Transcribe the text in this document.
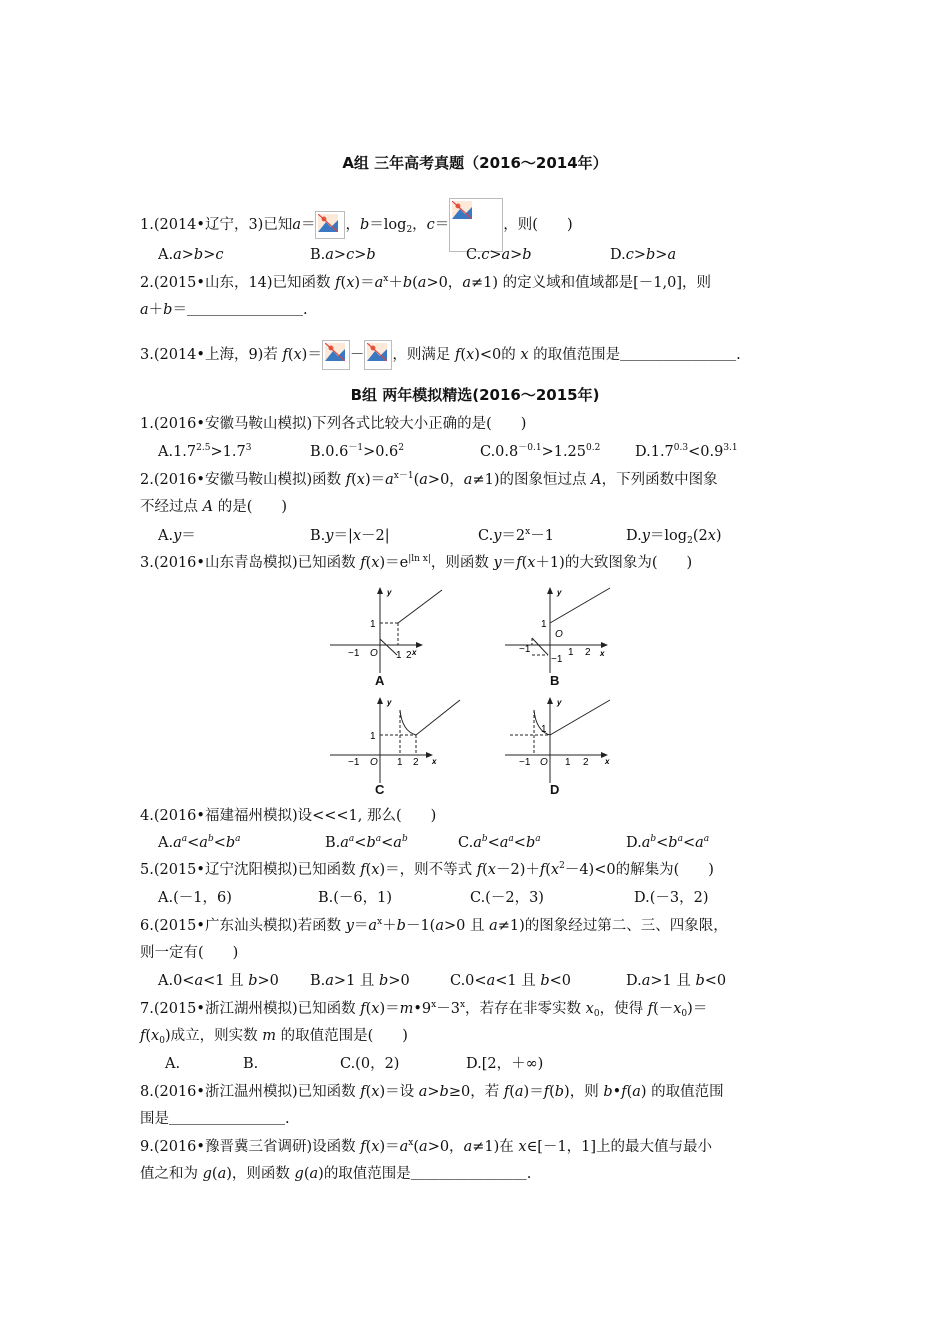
A组 三年高考真题（2016～2014年）
1.(2014•辽宁，3)已知a＝ ，$b=\log_2$，c＝	，则(　　)
A.a>b>c	B.a>c>b	C.c>a>b	D.c>b>a
2.(2015•山东，14)已知函数 $f(x)=a^x+b(a>0$，a≠1) 的定义域和值域都是[－1,0]，则
a＋b＝＿＿＿＿＿＿＿＿.
3.(2014•上海，9)若 f(x)＝ － ，则满足 f(x)<0的 x 的取值范围是＿＿＿＿＿＿＿＿.
B组 两年模拟精选(2016～2015年)
1.(2016•安徽马鞍山模拟)下列各式比较大小正确的是(　　)
$A.1.7^{2.5}>1.7^3$	$B.0.6^{-1}>0.6^2$	$C.0.8^{-0.1}>1.25^{0.2}$ $D.1.7^{0.3}<0.9^{3.1}$
2.(2016•安徽马鞍山模拟)函数 $f(x)=a^{x-1}(a>0$，a≠1)的图象恒过点 A，下列函数中图象
不经过点 A 的是(　　)
A.y＝	B.y＝|x－2|	$C.y=2^x-1$	$D.y=\log_2(2x)$
3.(2016•山东青岛模拟)已知函数 $f(x)=e^{|ln x|}$，则函数 y＝f(x＋1)的大致图象为(　　)
y
x
1
−1 O 1 2
A
y
x
1
−1
O
−1
1 2
B
y
x
1
−1 O 1 2
C
y
x
1
−1 O 1 2
D
4.(2016•福建福州模拟)设<<<1, 那么(　　)
$A.a^a<a^b<b^a$	$B.a^a<b^a<a^b$	$C.a^b<a^a<b^a$	$D.a^b<b^a<a^a$
5.(2015•辽宁沈阳模拟)已知函数 f(x)＝，则不等式 $f(x-2)+f(x^2-4)<0$的解集为(　　)
A.(－1，6)	B.(－6，1)	C.(－2，3)	D.(－3，2)
6.(2015•广东汕头模拟)若函数 $y=a^x+b-1(a>0$ 且 a≠1)的图象经过第二、三、四象限，
则一定有(　　)
A.0<a<1 且 b>0 B.a>1 且 b>0	C.0<a<1 且 b<0	D.a>1 且 b<0
7.(2015•浙江湖州模拟)已知函数 $f(x)=m•9^x-3^x$，若存在非零实数 $x_0$，使得 $f(-x_0)=$
$f(x_0)$成立，则实数 m 的取值范围是(　　)
A.	B.	C.(0，2)	D.[2，＋∞)
8.(2016•浙江温州模拟)已知函数 f(x)＝设 a>b≥0，若 f(a)＝f(b)，则 b•f(a) 的取值范围
围是＿＿＿＿＿＿＿＿.
9.(2016•豫晋冀三省调研)设函数 $f(x)=a^x(a>0$，a≠1)在 x∈[－1，1]上的最大值与最小
值之和为 g(a)，则函数 g(a)的取值范围是＿＿＿＿＿＿＿＿.
